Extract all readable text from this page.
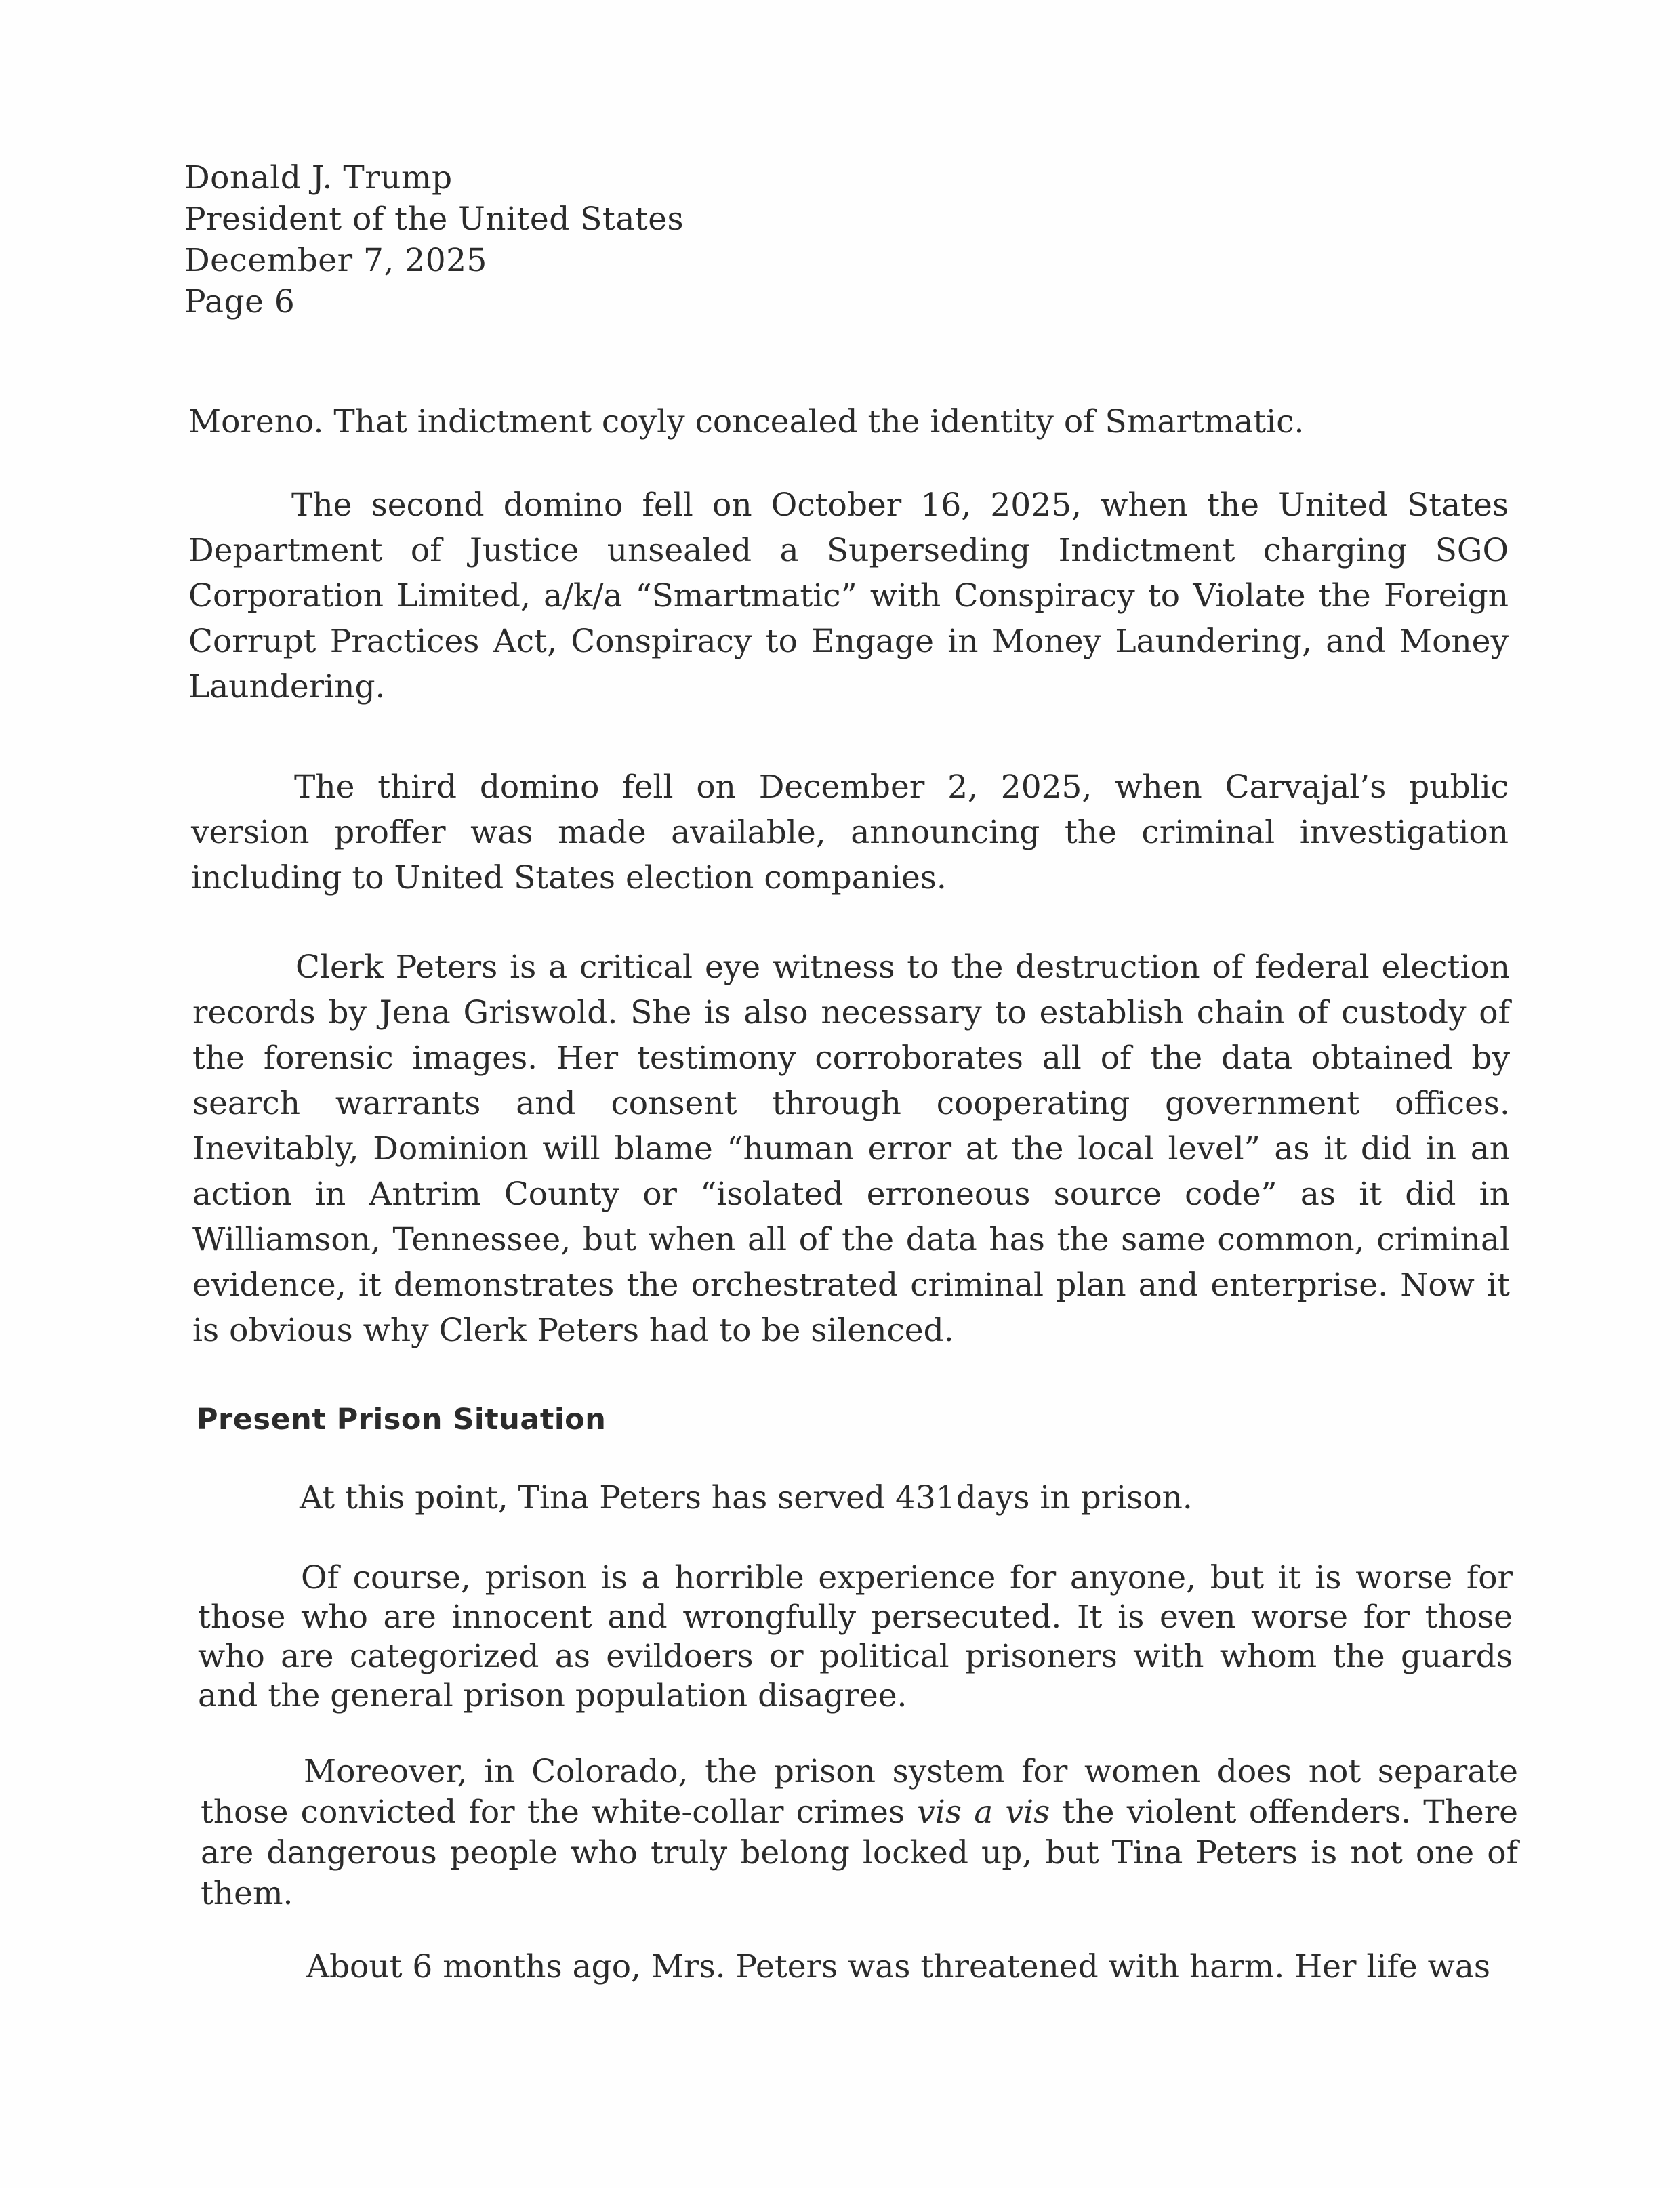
Donald J. Trump
President of the United States
December 7, 2025
Page 6

Moreno. That indictment coyly concealed the identity of Smartmatic.

The second domino fell on October 16, 2025, when the United States Department of Justice unsealed a Superseding Indictment charging SGO Corporation Limited, a/k/a “Smartmatic” with Conspiracy to Violate the Foreign Corrupt Practices Act, Conspiracy to Engage in Money Laundering, and Money Laundering.

The third domino fell on December 2, 2025, when Carvajal’s public version proffer was made available, announcing the criminal investigation including to United States election companies.

Clerk Peters is a critical eye witness to the destruction of federal election records by Jena Griswold. She is also necessary to establish chain of custody of the forensic images. Her testimony corroborates all of the data obtained by search warrants and consent through cooperating government offices. Inevitably, Dominion will blame “human error at the local level” as it did in an action in Antrim County or “isolated erroneous source code” as it did in Williamson, Tennessee, but when all of the data has the same common, criminal evidence, it demonstrates the orchestrated criminal plan and enterprise. Now it is obvious why Clerk Peters had to be silenced.

Present Prison Situation

At this point, Tina Peters has served 431days in prison.

Of course, prison is a horrible experience for anyone, but it is worse for those who are innocent and wrongfully persecuted. It is even worse for those who are categorized as evildoers or political prisoners with whom the guards and the general prison population disagree.

Moreover, in Colorado, the prison system for women does not separate those convicted for the white-collar crimes vis a vis the violent offenders. There are dangerous people who truly belong locked up, but Tina Peters is not one of them.

About 6 months ago, Mrs. Peters was threatened with harm. Her life was
